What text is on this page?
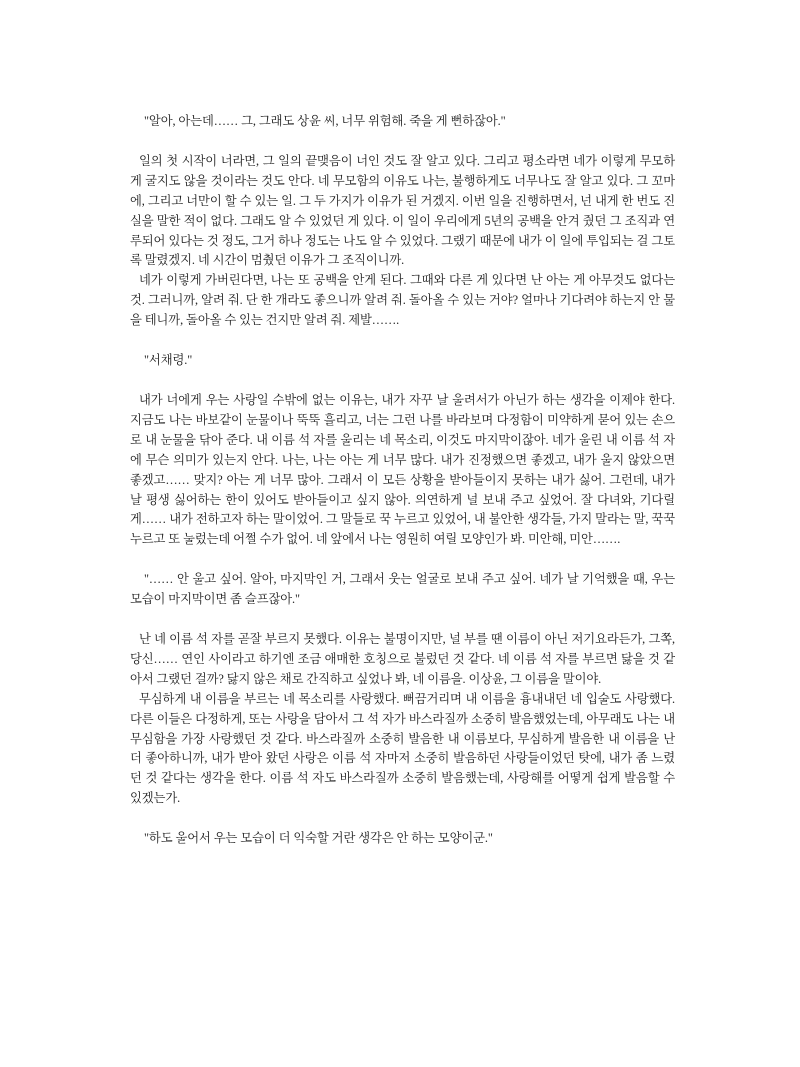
"알아, 아는데…… 그, 그래도 상윤 씨, 너무 위험해. 죽을 게 뻔하잖아."

일의 첫 시작이 너라면, 그 일의 끝맺음이 너인 것도 잘 알고 있다. 그리고 평소라면 네가 이렇게 무모하게 굴지도 않을 것이라는 것도 안다. 네 무모함의 이유도 나는, 불행하게도 너무나도 잘 알고 있다. 그 꼬마에, 그리고 너만이 할 수 있는 일. 그 두 가지가 이유가 된 거겠지. 이번 일을 진행하면서, 넌 내게 한 번도 진실을 말한 적이 없다. 그래도 알 수 있었던 게 있다. 이 일이 우리에게 5년의 공백을 안겨 줬던 그 조직과 연루되어 있다는 것 정도, 그거 하나 정도는 나도 알 수 있었다. 그랬기 때문에 내가 이 일에 투입되는 걸 그토록 말렸겠지. 네 시간이 멈췄던 이유가 그 조직이니까.

네가 이렇게 가버린다면, 나는 또 공백을 안게 된다. 그때와 다른 게 있다면 난 아는 게 아무것도 없다는 것. 그러니까, 알려 줘. 단 한 개라도 좋으니까 알려 줘. 돌아올 수 있는 거야? 얼마나 기다려야 하는지 안 물을 테니까, 돌아올 수 있는 건지만 알려 줘. 제발…….

"서채령."

내가 너에게 우는 사랑일 수밖에 없는 이유는, 내가 자꾸 날 울려서가 아닌가 하는 생각을 이제야 한다. 지금도 나는 바보같이 눈물이나 뚝뚝 흘리고, 너는 그런 나를 바라보며 다정함이 미약하게 묻어 있는 손으로 내 눈물을 닦아 준다. 내 이름 석 자를 울리는 네 목소리, 이것도 마지막이잖아. 네가 울린 내 이름 석 자에 무슨 의미가 있는지 안다. 나는, 나는 아는 게 너무 많다. 내가 진정했으면 좋겠고, 내가 울지 않았으면 좋겠고…… 맞지? 아는 게 너무 많아. 그래서 이 모든 상황을 받아들이지 못하는 내가 싫어. 그런데, 내가 날 평생 싫어하는 한이 있어도 받아들이고 싶지 않아. 의연하게 널 보내 주고 싶었어. 잘 다녀와, 기다릴게…… 내가 전하고자 하는 말이었어. 그 말들로 꾹 누르고 있었어, 내 불안한 생각들, 가지 말라는 말, 꾹꾹 누르고 또 눌렀는데 어쩔 수가 없어. 네 앞에서 나는 영원히 여릴 모양인가 봐. 미안해, 미안…….

"…… 안 울고 싶어. 알아, 마지막인 거, 그래서 웃는 얼굴로 보내 주고 싶어. 네가 날 기억했을 때, 우는 모습이 마지막이면 좀 슬프잖아."

난 네 이름 석 자를 곧잘 부르지 못했다. 이유는 불명이지만, 널 부를 땐 이름이 아닌 저기요라든가, 그쪽, 당신…… 연인 사이라고 하기엔 조금 애매한 호칭으로 불렀던 것 같다. 네 이름 석 자를 부르면 닳을 것 같아서 그랬던 걸까? 닳지 않은 채로 간직하고 싶었나 봐, 네 이름을. 이상윤, 그 이름을 말이야.

무심하게 내 이름을 부르는 네 목소리를 사랑했다. 뻐끔거리며 내 이름을 흉내내던 네 입술도 사랑했다. 다른 이들은 다정하게, 또는 사랑을 담아서 그 석 자가 바스라질까 소중히 발음했었는데, 아무래도 나는 내 무심함을 가장 사랑했던 것 같다. 바스라질까 소중히 발음한 내 이름보다, 무심하게 발음한 내 이름을 난 더 좋아하니까, 내가 받아 왔던 사랑은 이름 석 자마저 소중히 발음하던 사랑들이었던 탓에, 내가 좀 느렸던 것 같다는 생각을 한다. 이름 석 자도 바스라질까 소중히 발음했는데, 사랑해를 어떻게 쉽게 발음할 수 있겠는가.

"하도 울어서 우는 모습이 더 익숙할 거란 생각은 안 하는 모양이군."
